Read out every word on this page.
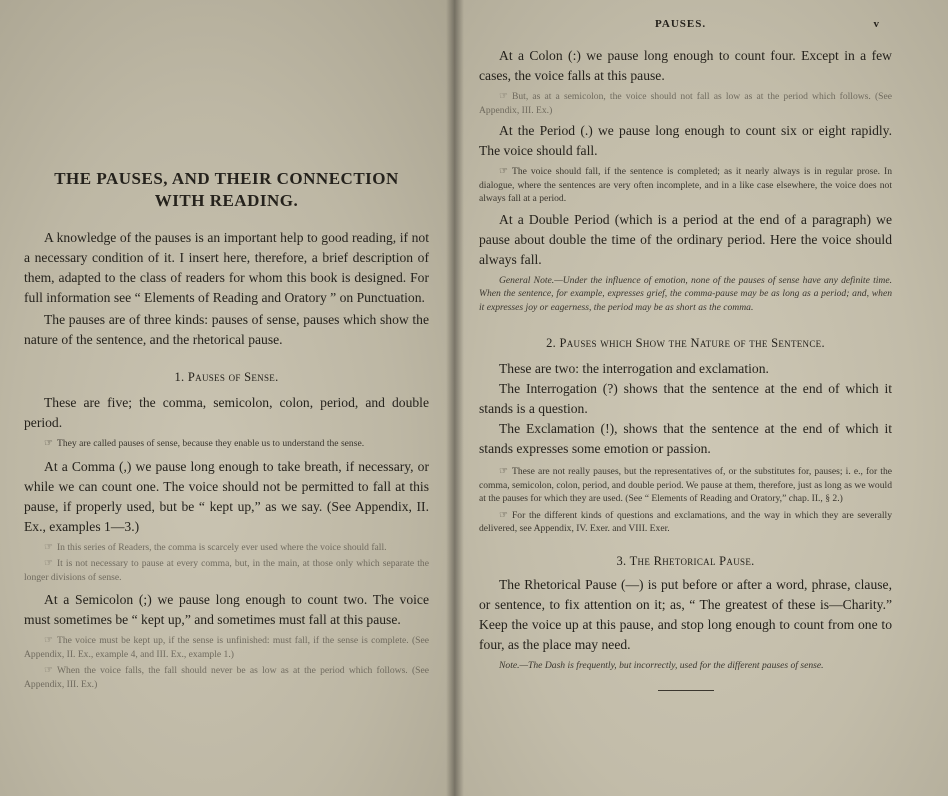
THE PAUSES, AND THEIR CONNECTION
WITH READING.

A knowledge of the pauses is an important help to good reading, if not a necessary condition of it. I insert here, therefore, a brief description of them, adapted to the class of readers for whom this book is designed. For full information see “ Elements of Reading and Oratory ” on Punctuation.

The pauses are of three kinds: pauses of sense, pauses which show the nature of the sentence, and the rhetorical pause.

1. Pauses of Sense.

These are five; the comma, semicolon, colon, period, and double period.

☞ They are called pauses of sense, because they enable us to understand the sense.

At a Comma (,) we pause long enough to take breath, if necessary, or while we can count one. The voice should not be permitted to fall at this pause, if properly used, but be “ kept up,” as we say. (See Appendix, II. Ex., examples 1—3.)

☞ In this series of Readers, the comma is scarcely ever used where the voice should fall.

☞ It is not necessary to pause at every comma, but, in the main, at those only which separate the longer divisions of sense.

At a Semicolon (;) we pause long enough to count two. The voice must sometimes be “ kept up,” and sometimes must fall at this pause.

☞ The voice must be kept up, if the sense is unfinished: must fall, if the sense is complete. (See Appendix, II. Ex., example 4, and III. Ex., example 1.)

☞ When the voice falls, the fall should never be as low as at the period which follows. (See Appendix, III. Ex.)

PAUSES.	v

At a Colon (:) we pause long enough to count four. Except in a few cases, the voice falls at this pause.

☞ But, as at a semicolon, the voice should not fall as low as at the period which follows. (See Appendix, III. Ex.)

At the Period (.) we pause long enough to count six or eight rapidly. The voice should fall.

☞ The voice should fall, if the sentence is completed; as it nearly always is in regular prose. In dialogue, where the sentences are very often incomplete, and in a like case elsewhere, the voice does not always fall at a period.

At a Double Period (which is a period at the end of a paragraph) we pause about double the time of the ordinary period. Here the voice should always fall.

General Note.—Under the influence of emotion, none of the pauses of sense have any definite time. When the sentence, for example, expresses grief, the comma-pause may be as long as a period; and, when it expresses joy or eagerness, the period may be as short as the comma.

2. Pauses which Show the Nature of the Sentence.

These are two: the interrogation and exclamation.

The Interrogation (?) shows that the sentence at the end of which it stands is a question.

The Exclamation (!), shows that the sentence at the end of which it stands expresses some emotion or passion.

☞ These are not really pauses, but the representatives of, or the substitutes for, pauses; i. e., for the comma, semicolon, colon, period, and double period. We pause at them, therefore, just as long as we would at the pauses for which they are used. (See “ Elements of Reading and Oratory,” chap. II., § 2.)

☞ For the different kinds of questions and exclamations, and the way in which they are severally delivered, see Appendix, IV. Exer. and VIII. Exer.

3. The Rhetorical Pause.

The Rhetorical Pause (—) is put before or after a word, phrase, clause, or sentence, to fix attention on it; as, “ The greatest of these is—Charity.” Keep the voice up at this pause, and stop long enough to count from one to four, as the place may need.

Note.—The Dash is frequently, but incorrectly, used for the different pauses of sense.
